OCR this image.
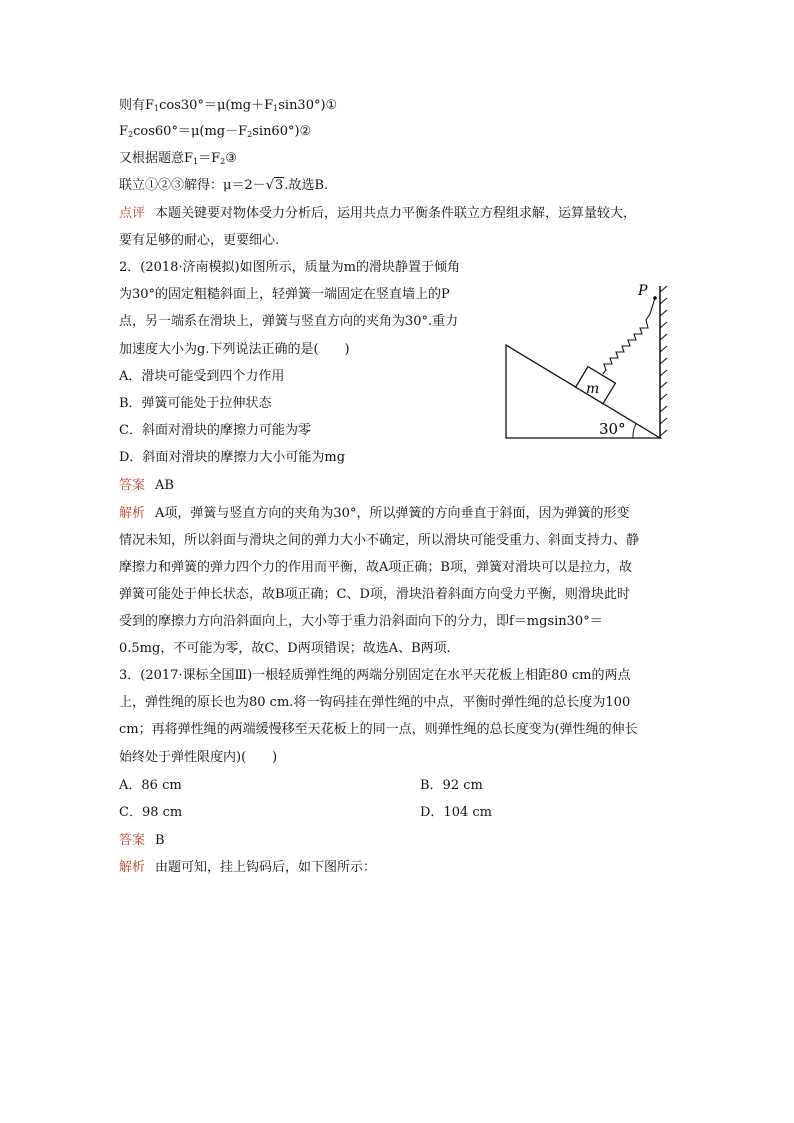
则有$F_1\cos 30^\circ=\mu(mg+F_1\sin 30^\circ)①$
$F_2\cos 60^\circ=\mu(mg-F_2\sin 60^\circ)②$
又根据题意$F_1=F_2③$
联立①②③解得：μ＝2－√3.故选B.
点评 本题关键要对物体受力分析后，运用共点力平衡条件联立方程组求解，运算量较大，
要有足够的耐心，更要细心.
2．(2018·济南模拟)如图所示，质量为m的滑块静置于倾角
为30°的固定粗糙斜面上，轻弹簧一端固定在竖直墙上的P
点，另一端系在滑块上，弹簧与竖直方向的夹角为30°.重力
加速度大小为g.下列说法正确的是(　　)
A．滑块可能受到四个力作用
B．弹簧可能处于拉伸状态
C．斜面对滑块的摩擦力可能为零
D．斜面对滑块的摩擦力大小可能为mg
P
m
30°
答案 AB
解析 A项，弹簧与竖直方向的夹角为30°，所以弹簧的方向垂直于斜面，因为弹簧的形变
情况未知，所以斜面与滑块之间的弹力大小不确定，所以滑块可能受重力、斜面支持力、静
摩擦力和弹簧的弹力四个力的作用而平衡，故A项正确；B项，弹簧对滑块可以是拉力，故
弹簧可能处于伸长状态，故B项正确；C、D项，滑块沿着斜面方向受力平衡，则滑块此时
受到的摩擦力方向沿斜面向上，大小等于重力沿斜面向下的分力，即f＝mgsin30°＝
0.5mg，不可能为零，故C、D两项错误；故选A、B两项.
3．(2017·课标全国Ⅲ)一根轻质弹性绳的两端分别固定在水平天花板上相距80 cm的两点
上，弹性绳的原长也为80 cm.将一钩码挂在弹性绳的中点，平衡时弹性绳的总长度为100
cm；再将弹性绳的两端缓慢移至天花板上的同一点，则弹性绳的总长度变为(弹性绳的伸长
始终处于弹性限度内)(　　)
A．86 cm	B．92 cm
C．98 cm	D．104 cm
答案 B
解析 由题可知，挂上钩码后，如下图所示：
